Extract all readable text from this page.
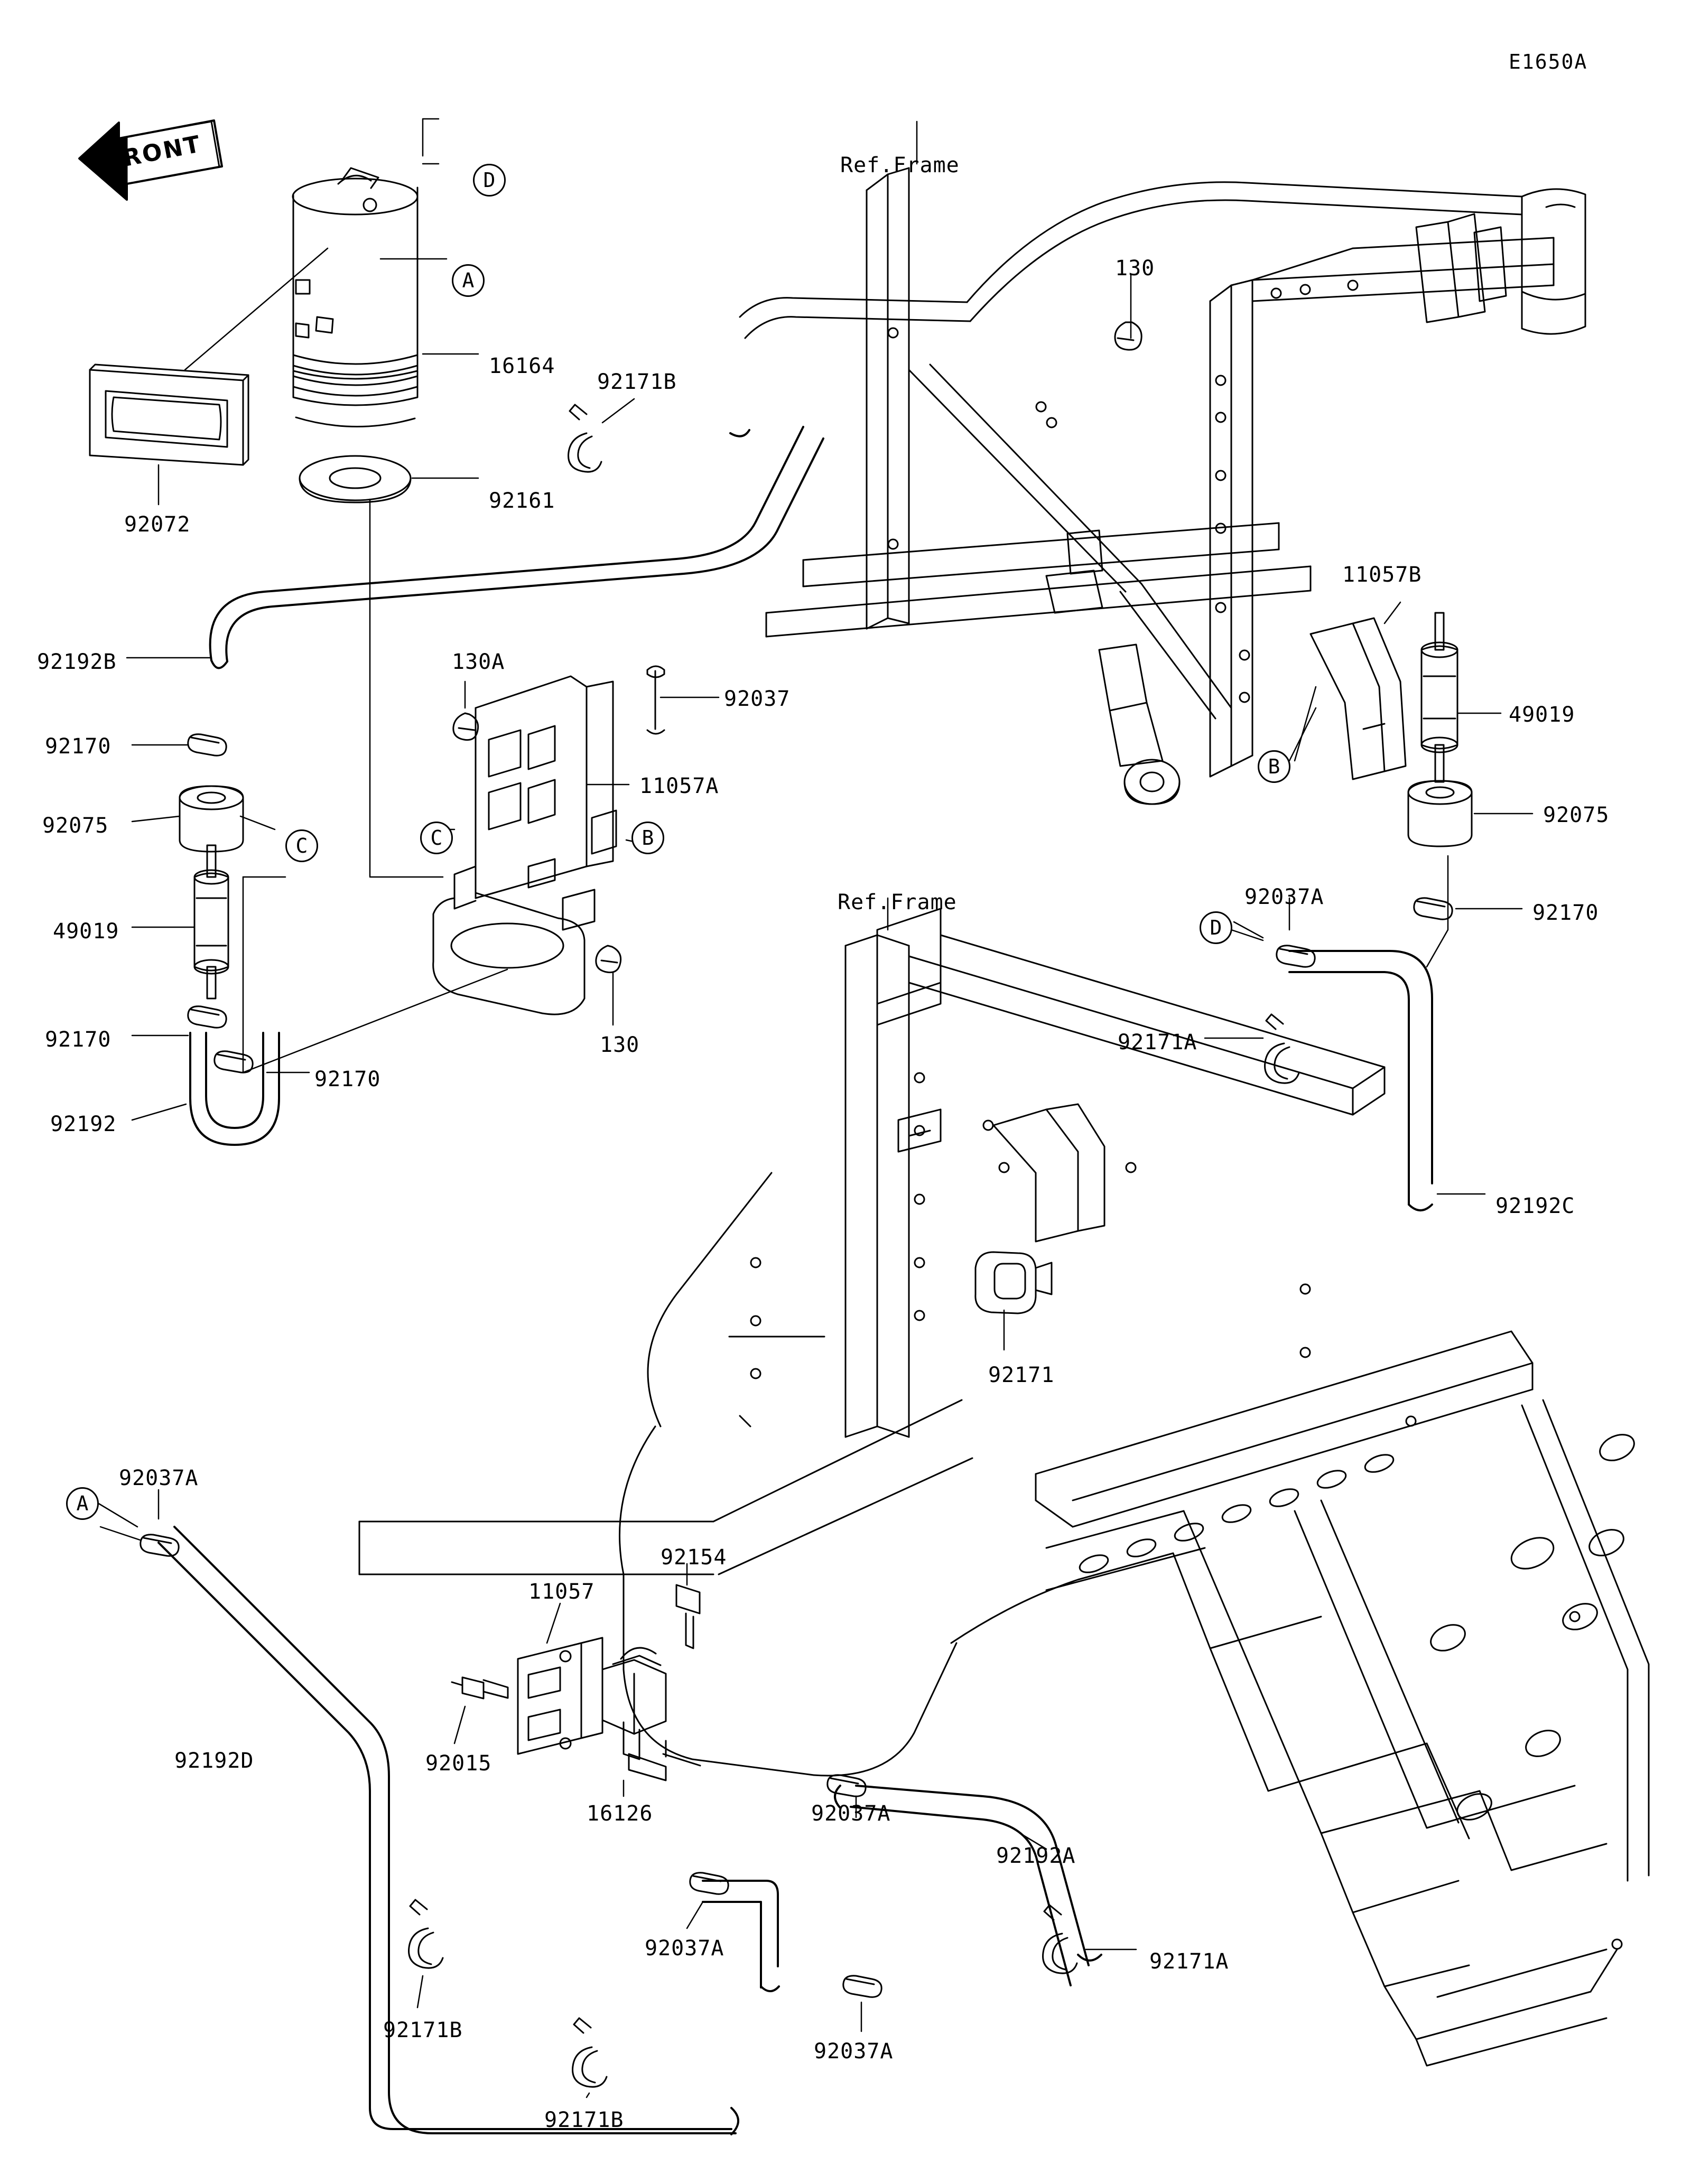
FRONT
E1650A
Ref.Frame
Ref.Frame
D
A
C	C	B
B
D
A
16164
92171B
130
92072
92161
11057B
49019
92192B	130A
92037
92170
11057A
92075	92075
92170
92037A
49019
92171A
92170	130
92170
92192
92192C
92171
92037A
11057
92154
92192D	92015
16126	92037A
92192A
92171A
92037A
92037A
92171B
92171B
